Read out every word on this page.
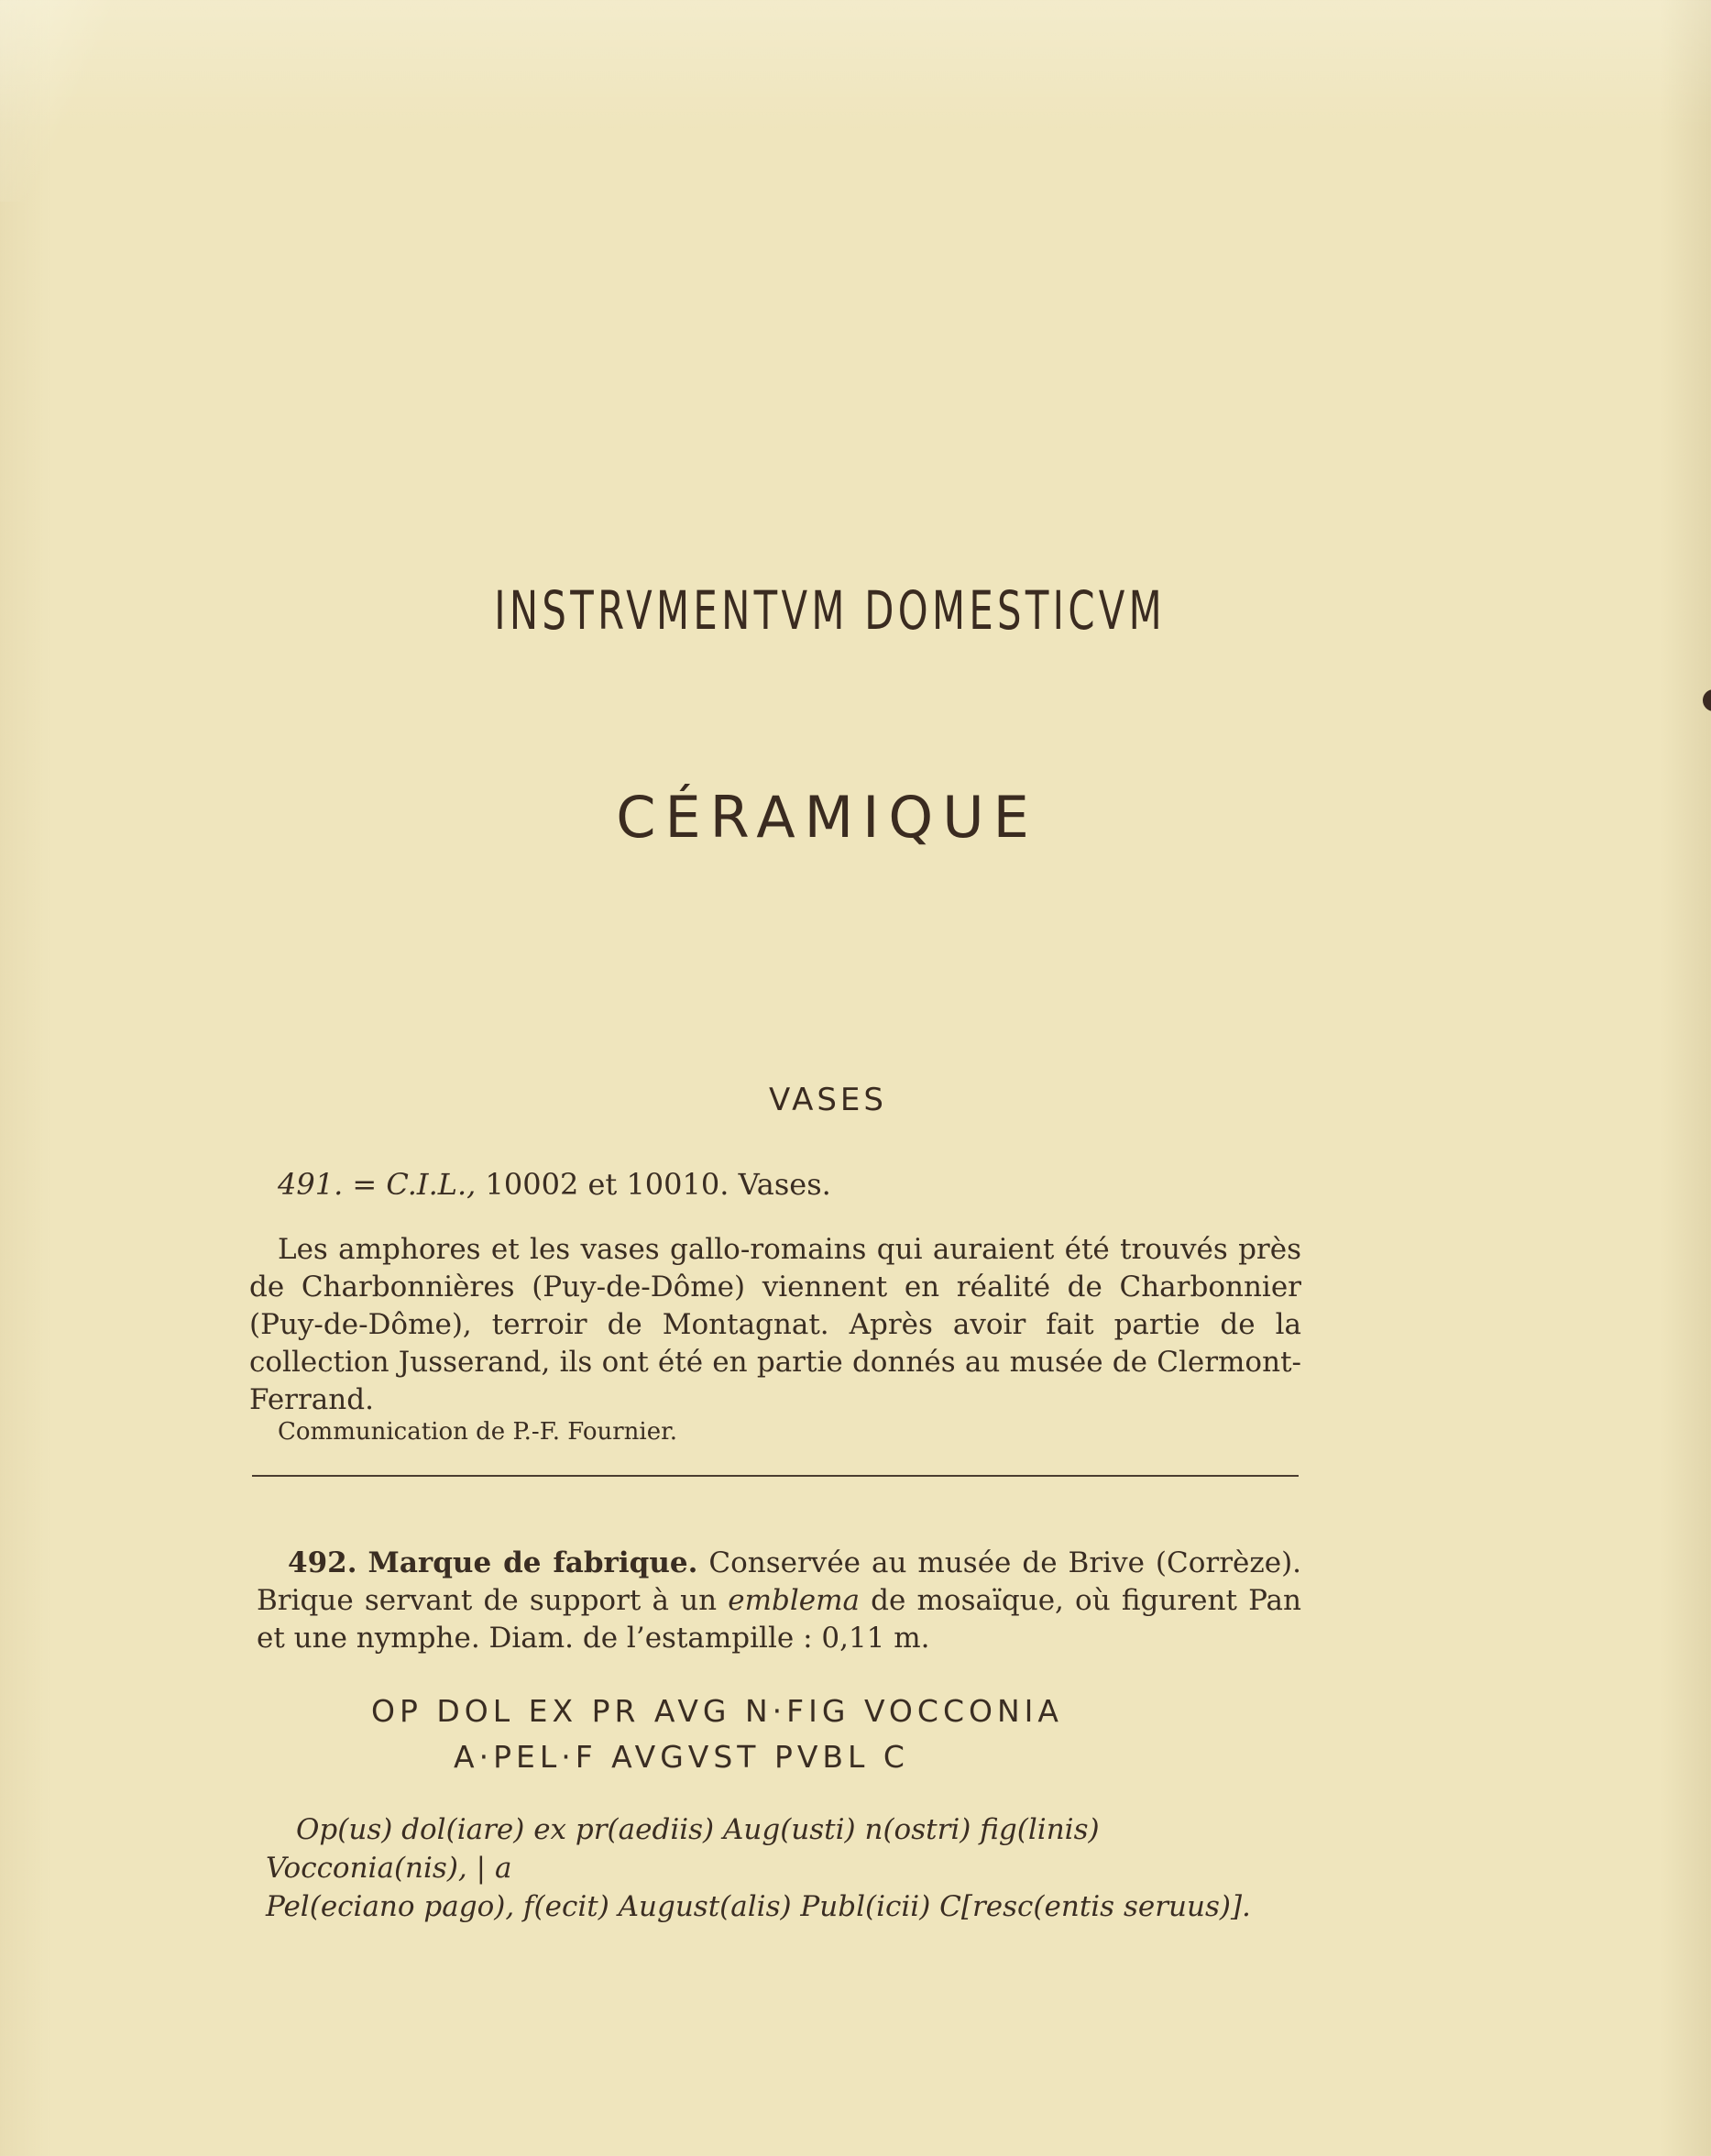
INSTRVMENTVM DOMESTICVM
CÉRAMIQUE
VASES
491. = C.I.L., 10002 et 10010. Vases.
Les amphores et les vases gallo-romains qui auraient été trouvés près de Charbonnières (Puy-de-Dôme) viennent en réalité de Charbonnier (Puy-de-Dôme), terroir de Montagnat. Après avoir fait partie de la collection Jusserand, ils ont été en partie donnés au musée de Clermont-Ferrand.
Communication de P.-F. Fournier.
492. Marque de fabrique. Conservée au musée de Brive (Corrèze). Brique servant de support à un emblema de mosaïque, où figurent Pan et une nymphe. Diam. de l’estampille : 0,11 m.
OP DOL EX PR AVG N·FIG VOCCONIA
A·PEL·F AVGVST PVBL C
Op(us) dol(iare) ex pr(aediis) Aug(usti) n(ostri) fig(linis) Vocconia(nis), | a
Pel(eciano pago), f(ecit) August(alis) Publ(icii) C[resc(entis seruus)].
